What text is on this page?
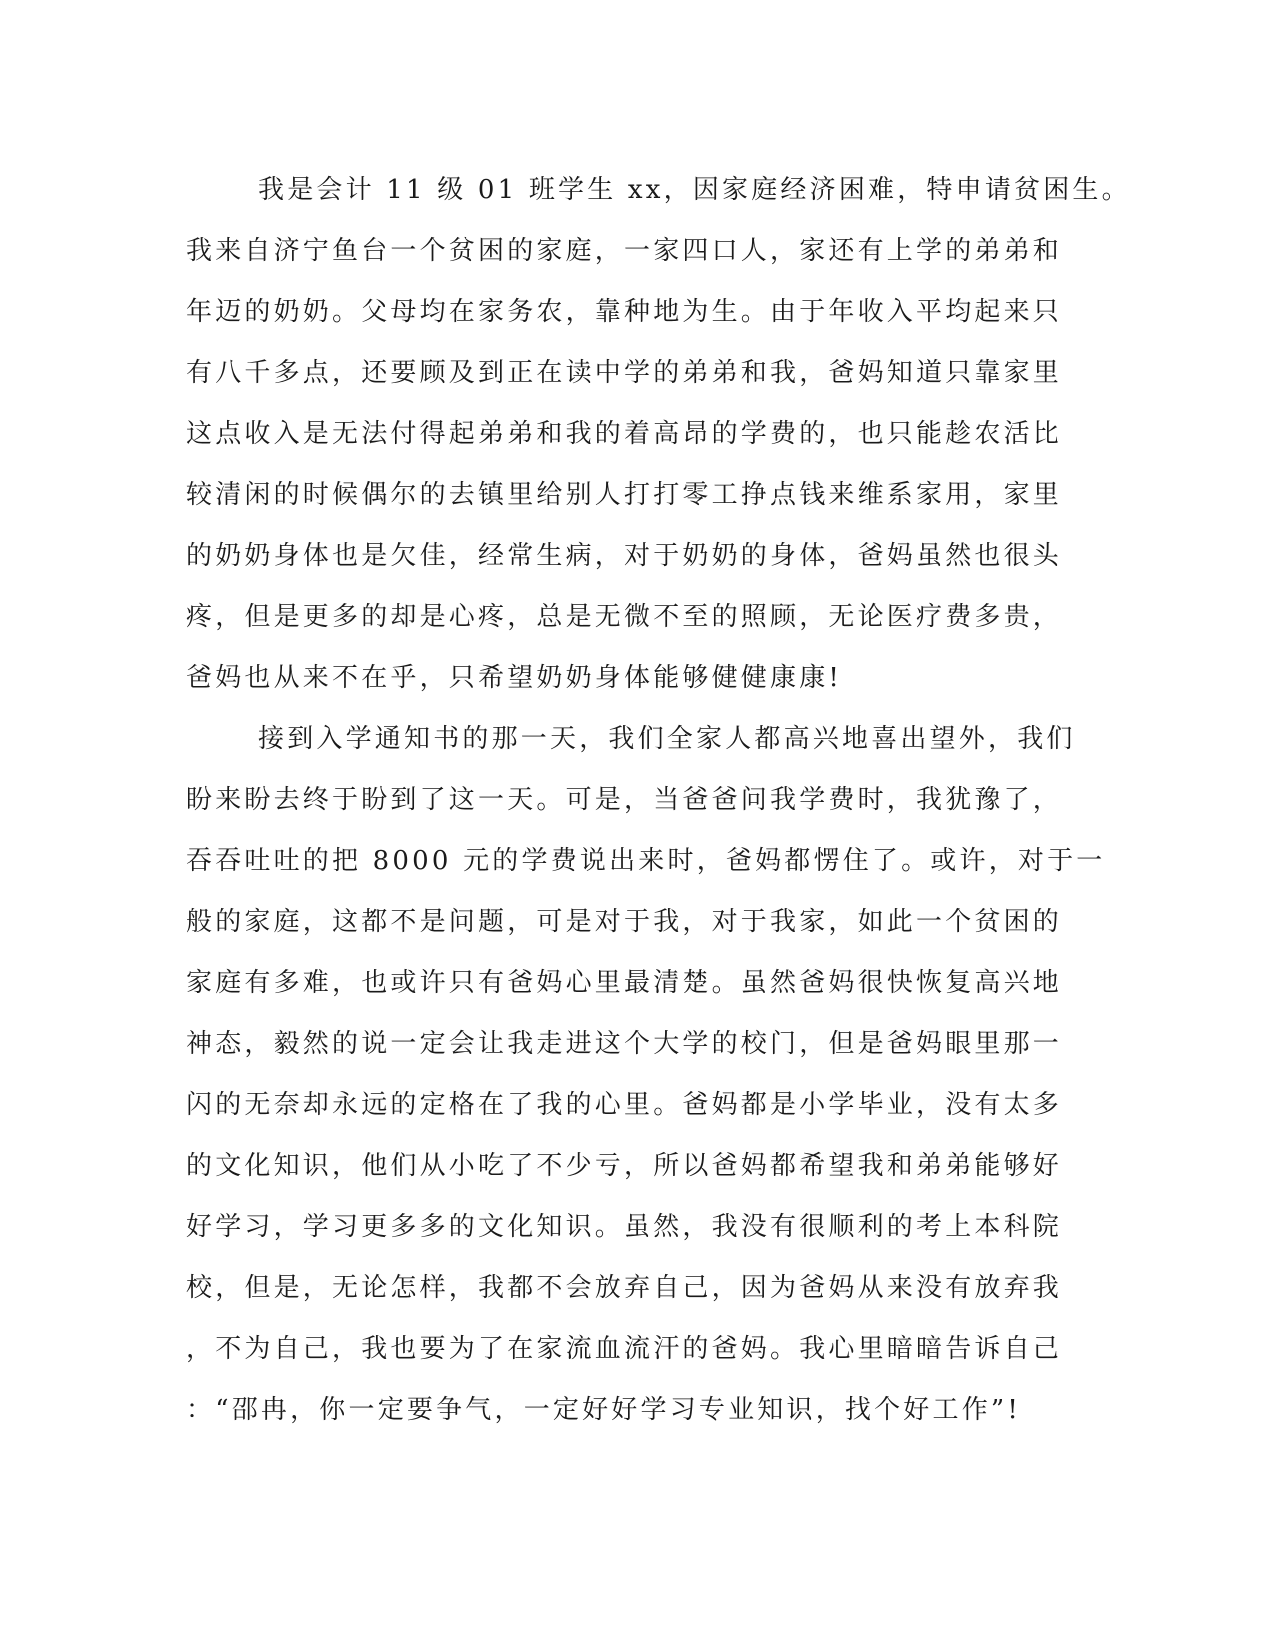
我是会计 11 级 01 班学生 xx，因家庭经济困难，特申请贫困生。
我来自济宁鱼台一个贫困的家庭，一家四口人，家还有上学的弟弟和
年迈的奶奶。父母均在家务农，靠种地为生。由于年收入平均起来只
有八千多点，还要顾及到正在读中学的弟弟和我，爸妈知道只靠家里
这点收入是无法付得起弟弟和我的着高昂的学费的，也只能趁农活比
较清闲的时候偶尔的去镇里给别人打打零工挣点钱来维系家用，家里
的奶奶身体也是欠佳，经常生病，对于奶奶的身体，爸妈虽然也很头
疼，但是更多的却是心疼，总是无微不至的照顾，无论医疗费多贵，
爸妈也从来不在乎，只希望奶奶身体能够健健康康!
接到入学通知书的那一天，我们全家人都高兴地喜出望外，我们
盼来盼去终于盼到了这一天。可是，当爸爸问我学费时，我犹豫了，
吞吞吐吐的把 8000 元的学费说出来时，爸妈都愣住了。或许，对于一
般的家庭，这都不是问题，可是对于我，对于我家，如此一个贫困的
家庭有多难，也或许只有爸妈心里最清楚。虽然爸妈很快恢复高兴地
神态，毅然的说一定会让我走进这个大学的校门，但是爸妈眼里那一
闪的无奈却永远的定格在了我的心里。爸妈都是小学毕业，没有太多
的文化知识，他们从小吃了不少亏，所以爸妈都希望我和弟弟能够好
好学习，学习更多多的文化知识。虽然，我没有很顺利的考上本科院
校，但是，无论怎样，我都不会放弃自己，因为爸妈从来没有放弃我
，不为自己，我也要为了在家流血流汗的爸妈。我心里暗暗告诉自己
：“邵冉，你一定要争气，一定好好学习专业知识，找个好工作”!
